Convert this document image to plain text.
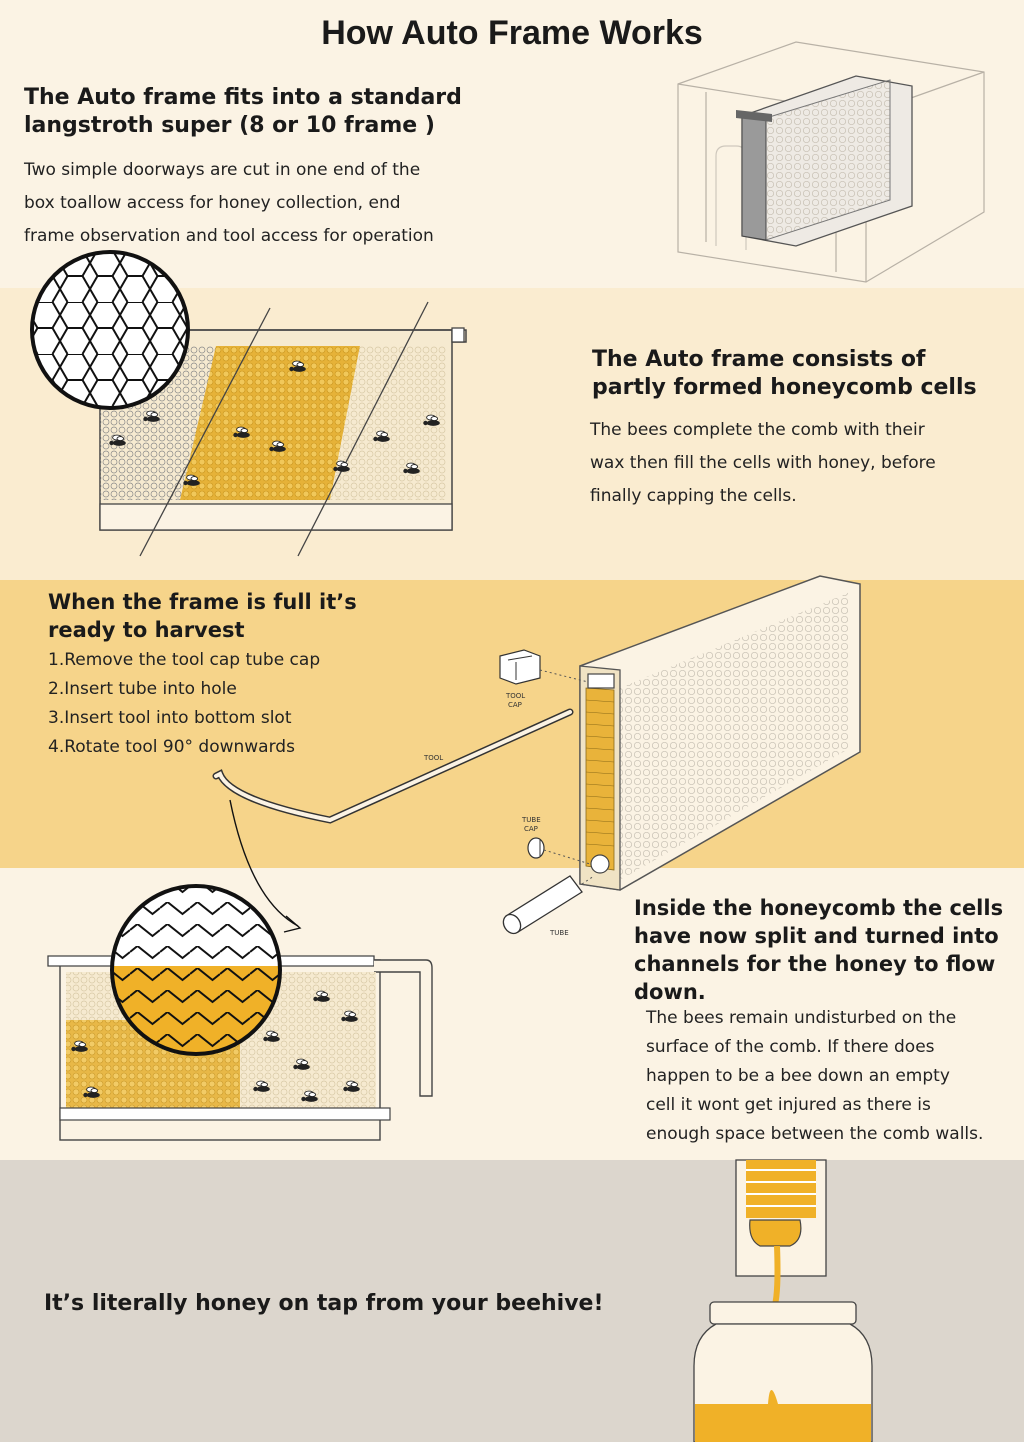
How Auto Frame Works
The Auto frame fits into a standard
langstroth super (8 or 10 frame )
Two simple doorways are cut in one end of the
box toallow access for honey collection, end
frame observation and tool access for operation
The Auto frame consists of
partly formed honeycomb cells
The bees complete the comb with their
wax then fill the cells with honey, before
finally capping the cells.
When the frame is full it’s
ready to harvest
1.Remove the tool cap tube cap
2.Insert tube into hole
3.Insert tool into bottom slot
4.Rotate tool 90° downwards
TOOL
CAP
TOOL
TUBE
CAP
TUBE
Inside the honeycomb the cells
have now split and turned into
channels for the honey to flow
down.
The bees remain undisturbed on the
surface of the comb. If there does
happen to be a bee down an empty
cell it wont get injured as there is
enough space between the comb walls.
It’s literally honey on tap from your beehive!
